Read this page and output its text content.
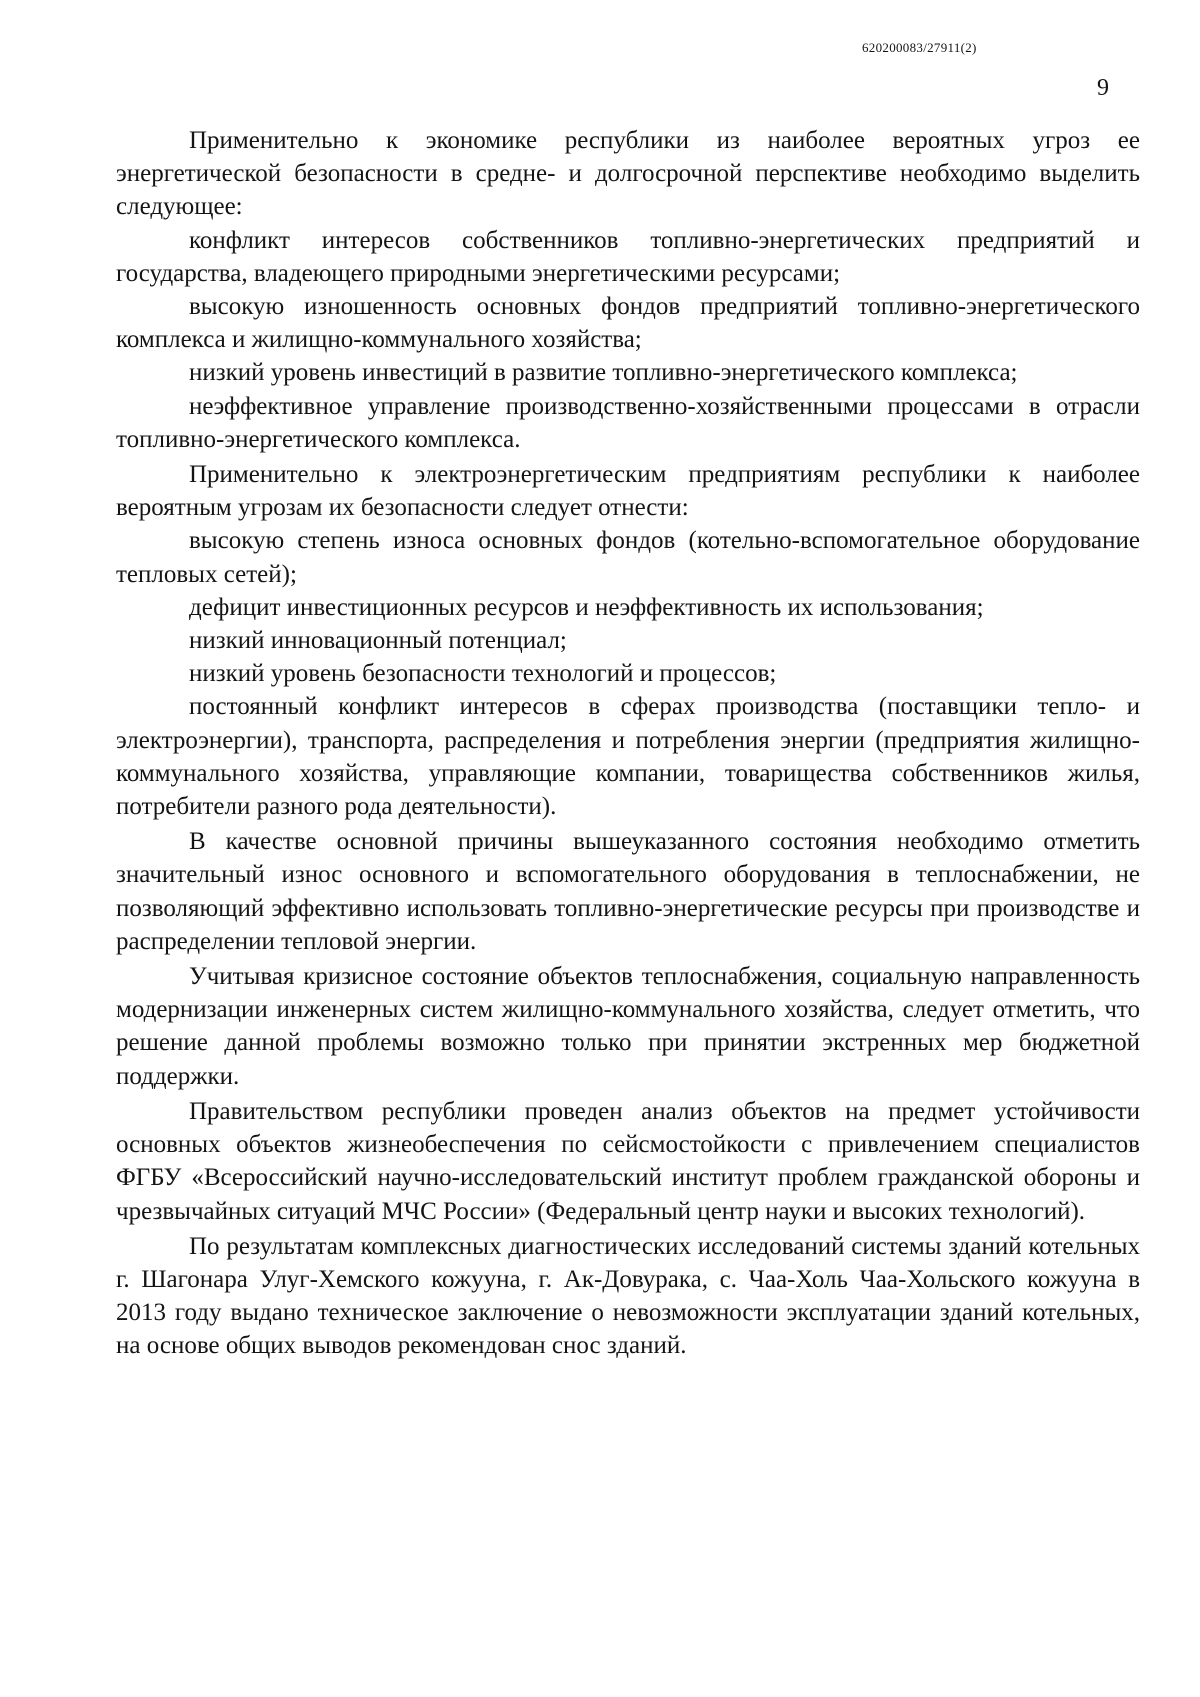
620200083/27911(2)
9

Применительно к экономике республики из наиболее вероятных угроз ее энергетической безопасности в средне- и долгосрочной перспективе необходимо выделить следующее:

конфликт интересов собственников топливно-энергетических предприятий и государства, владеющего природными энергетическими ресурсами;

высокую изношенность основных фондов предприятий топливно-энергетического комплекса и жилищно-коммунального хозяйства;

низкий уровень инвестиций в развитие топливно-энергетического комплекса;

неэффективное управление производственно-хозяйственными процессами в отрасли топливно-энергетического комплекса.

Применительно к электроэнергетическим предприятиям республики к наиболее вероятным угрозам их безопасности следует отнести:

высокую степень износа основных фондов (котельно-вспомогательное оборудование тепловых сетей);

дефицит инвестиционных ресурсов и неэффективность их использования;

низкий инновационный потенциал;

низкий уровень безопасности технологий и процессов;

постоянный конфликт интересов в сферах производства (поставщики тепло- и электроэнергии), транспорта, распределения и потребления энергии (предприятия жилищно-коммунального хозяйства, управляющие компании, товарищества собственников жилья, потребители разного рода деятельности).

В качестве основной причины вышеуказанного состояния необходимо отметить значительный износ основного и вспомогательного оборудования в теплоснабжении, не позволяющий эффективно использовать топливно-энергетические ресурсы при производстве и распределении тепловой энергии.

Учитывая кризисное состояние объектов теплоснабжения, социальную направленность модернизации инженерных систем жилищно-коммунального хозяйства, следует отметить, что решение данной проблемы возможно только при принятии экстренных мер бюджетной поддержки.

Правительством республики проведен анализ объектов на предмет устойчивости основных объектов жизнеобеспечения по сейсмостойкости с привлечением специалистов ФГБУ «Всероссийский научно-исследовательский институт проблем гражданской обороны и чрезвычайных ситуаций МЧС России» (Федеральный центр науки и высоких технологий).

По результатам комплексных диагностических исследований системы зданий котельных г. Шагонара Улуг-Хемского кожууна, г. Ак-Довурака, с. Чаа-Холь Чаа-Хольского кожууна в 2013 году выдано техническое заключение о невозможности эксплуатации зданий котельных, на основе общих выводов рекомендован снос зданий.
